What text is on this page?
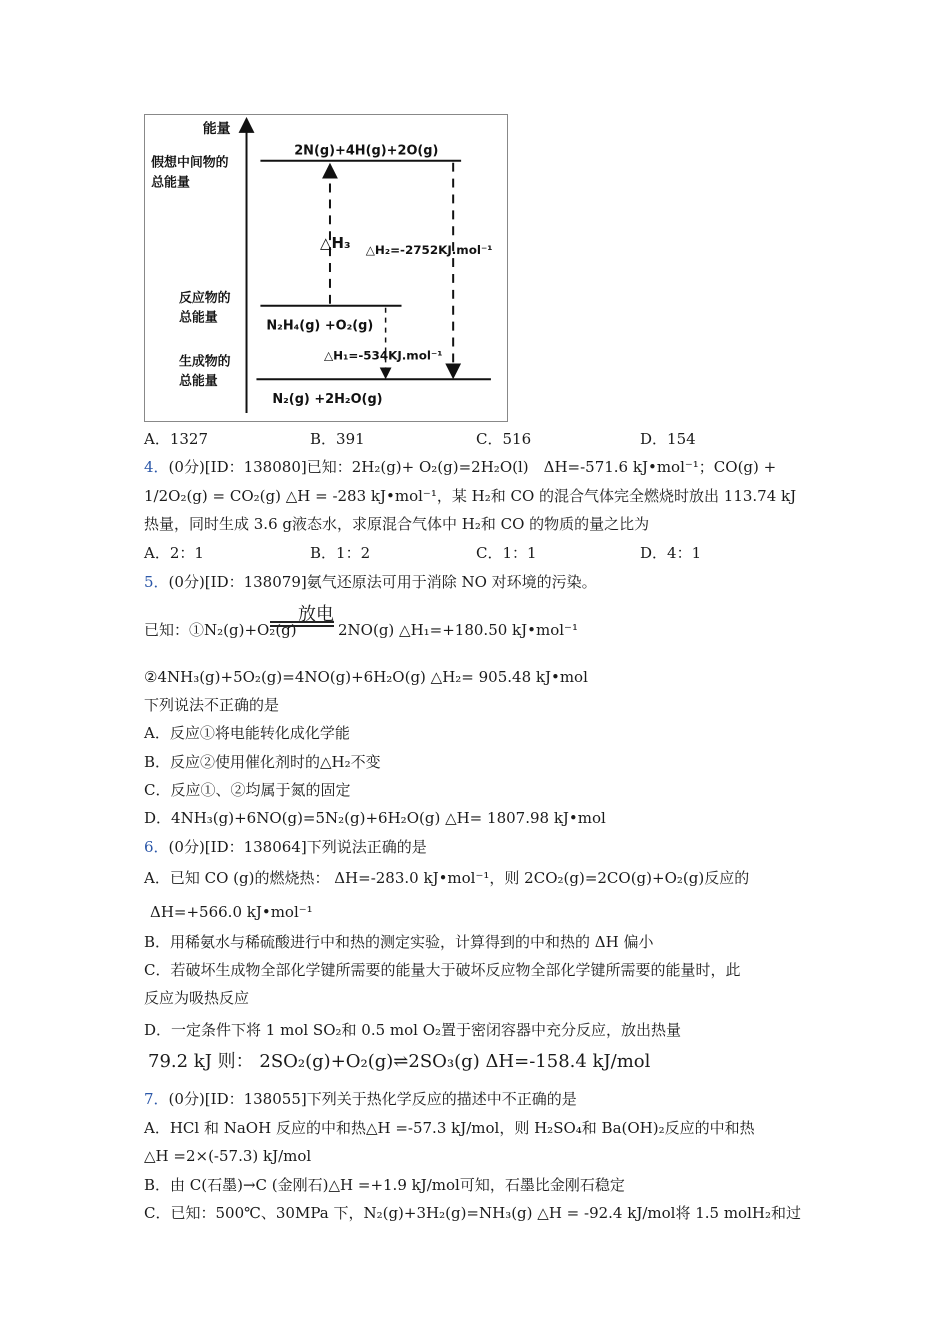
能量
假想中间物的
总能量
反应物的
总能量
生成物的
总能量
2N(g)+4H(g)+2O(g)
N₂H₄(g) +O₂(g)
N₂(g) +2H₂O(g)
△H₃ △H₂=-2752KJ.mol⁻¹
△H₁=-534KJ.mol⁻¹
A．1327	B．391	C．516	D．154
4．(0分)[ID：138080]已知：2H₂(g)+ O₂(g)=2H₂O(l)　ΔH=-571.6 kJ•mol⁻¹；CO(g) +
1/2O₂(g) = CO₂(g) △H = -283 kJ•mol⁻¹，某 H₂和 CO 的混合气体完全燃烧时放出 113.74 kJ
热量，同时生成 3.6 g液态水，求原混合气体中 H₂和 CO 的物质的量之比为
A．2：1	B．1：2	C．1：1	D．4：1
5．(0分)[ID：138079]氨气还原法可用于消除 NO 对环境的污染。
放电
已知：①N₂(g)+O₂(g)	2NO(g) △H₁=+180.50 kJ•mol⁻¹
②4NH₃(g)+5O₂(g)=4NO(g)+6H₂O(g) △H₂= 905.48 kJ•mol
下列说法不正确的是
A．反应①将电能转化成化学能
B．反应②使用催化剂时的△H₂不变
C．反应①、②均属于氮的固定
D．4NH₃(g)+6NO(g)=5N₂(g)+6H₂O(g) △H= 1807.98 kJ•mol
6．(0分)[ID：138064]下列说法正确的是
A．已知 CO (g)的燃烧热： ΔH=-283.0 kJ•mol⁻¹，则 2CO₂(g)=2CO(g)+O₂(g)反应的
ΔH=+566.0 kJ•mol⁻¹
B．用稀氨水与稀硫酸进行中和热的测定实验，计算得到的中和热的 ΔH 偏小
C．若破坏生成物全部化学键所需要的能量大于破坏反应物全部化学键所需要的能量时，此
反应为吸热反应
D．一定条件下将 1 mol SO₂和 0.5 mol O₂置于密闭容器中充分反应，放出热量
79.2 kJ 则： 2SO₂(g)+O₂(g)⇌2SO₃(g) ΔH=-158.4 kJ/mol
7．(0分)[ID：138055]下列关于热化学反应的描述中不正确的是
A．HCl 和 NaOH 反应的中和热△H =-57.3 kJ/mol，则 H₂SO₄和 Ba(OH)₂反应的中和热
△H =2×(-57.3) kJ/mol
B．由 C(石墨)→C (金刚石)△H =+1.9 kJ/mol可知，石墨比金刚石稳定
C．已知：500℃、30MPa 下，N₂(g)+3H₂(g)=NH₃(g) △H = -92.4 kJ/mol将 1.5 molH₂和过
